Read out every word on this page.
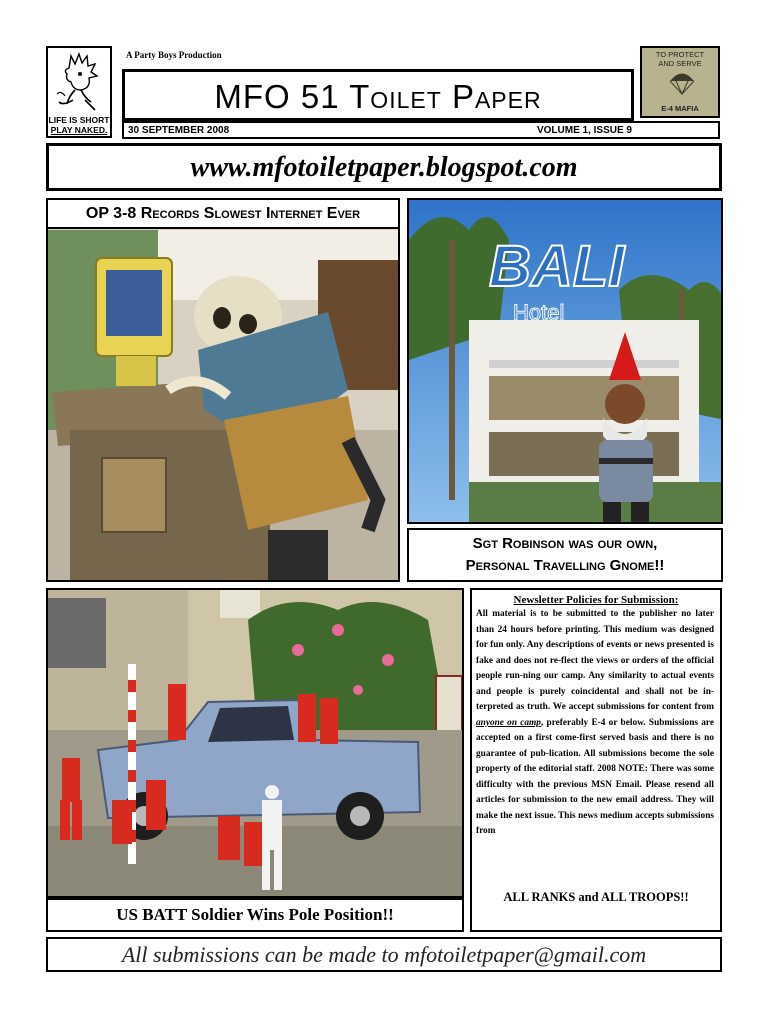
LIFE IS SHORT
PLAY NAKED.
A Party Boys Production
MFO 51 Toilet Paper
30 SEPTEMBER 2008	VOLUME 1, ISSUE 9
TO PROTECT
AND SERVE
E-4 MAFIA
www.mfotoiletpaper.blogspot.com
OP 3-8 Records Slowest Internet Ever
BALI
Hotel
Sgt Robinson was our own,
Personal Travelling Gnome!!
US BATT Soldier Wins Pole Position!!
Newsletter Policies for Submission:
All material is to be submitted to the publisher no later than 24 hours before printing. This medium was designed for fun only. Any descriptions of events or news presented is fake and does not re-flect the views or orders of the official people run-ning our camp. Any similarity to actual events and people is purely coincidental and shall not be in-terpreted as truth. We accept submissions for content from anyone on camp, preferably E-4 or below. Submissions are accepted on a first come-first served basis and there is no guarantee of pub-lication. All submissions become the sole property of the editorial staff. 2008 NOTE: There was some difficulty with the previous MSN Email. Please resend all articles for submission to the new email address. They will make the next issue. This news medium accepts submissions from
ALL RANKS and ALL TROOPS!!
All submissions can be made to mfotoiletpaper@gmail.com
